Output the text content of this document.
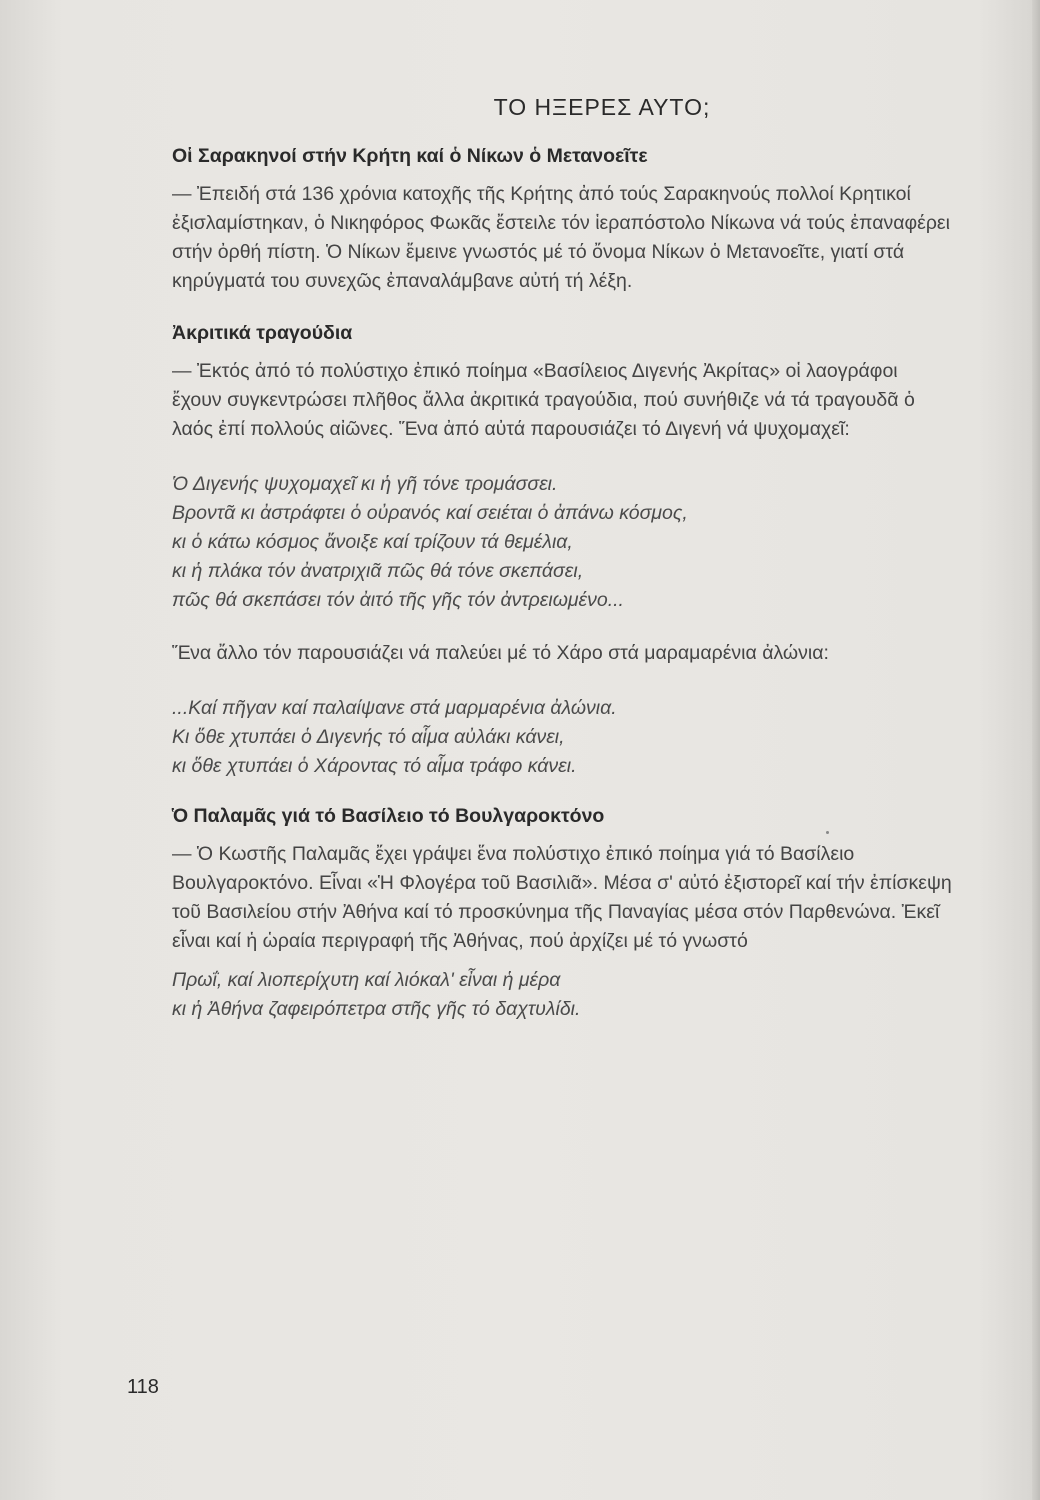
ΤΟ ΗΞΕΡΕΣ ΑΥΤΟ;
Οἱ Σαρακηνοί στήν Κρήτη καί ὁ Νίκων ὁ Μετανοεῖτε

— Ἐπειδή στά 136 χρόνια κατοχῆς τῆς Κρήτης ἀπό τούς Σαρακηνούς πολλοί Κρητικοί ἐξισλαμίστηκαν, ὁ Νικηφόρος Φωκᾶς ἔστειλε τόν ἱεραπόστολο Νίκωνα νά τούς ἐπαναφέρει στήν ὀρθή πίστη. Ὁ Νίκων ἔμεινε γνωστός μέ τό ὄνομα Νίκων ὁ Μετανοεῖτε, γιατί στά κηρύγματά του συνεχῶς ἐπαναλάμβανε αὐτή τή λέξη.

Ἀκριτικά τραγούδια

— Ἐκτός ἀπό τό πολύστιχο ἐπικό ποίημα «Βασίλειος Διγενής Ἀκρίτας» οἱ λαογράφοι ἔχουν συγκεντρώσει πλῆθος ἄλλα ἀκριτικά τραγούδια, πού συνήθιζε νά τά τραγουδᾶ ὁ λαός ἐπί πολλούς αἰῶνες. Ἕνα ἀπό αὐτά παρουσιάζει τό Διγενή νά ψυχομαχεῖ:

Ὁ Διγενής ψυχομαχεῖ κι ἡ γῆ τόνε τρομάσσει.
Βροντᾶ κι ἀστράφτει ὁ οὐρανός καί σειέται ὁ ἀπάνω κόσμος,
κι ὁ κάτω κόσμος ἄνοιξε καί τρίζουν τά θεμέλια,
κι ἡ πλάκα τόν ἀνατριχιᾶ πῶς θά τόνε σκεπάσει,
πῶς θά σκεπάσει τόν ἀιτό τῆς γῆς τόν ἀντρειωμένο...

Ἕνα ἄλλο τόν παρουσιάζει νά παλεύει μέ τό Χάρο στά μαραμαρένια ἀλώνια:

...Καί πῆγαν καί παλαίψανε στά μαρμαρένια ἀλώνια.
Κι ὅθε χτυπάει ὁ Διγενής τό αἷμα αὐλάκι κάνει,
κι ὅθε χτυπάει ὁ Χάροντας τό αἷμα τράφο κάνει.
Ὁ Παλαμᾶς γιά τό Βασίλειο τό Βουλγαροκτόνο

— Ὁ Κωστῆς Παλαμᾶς ἔχει γράψει ἕνα πολύστιχο ἐπικό ποίημα γιά τό Βασίλειο Βουλγαροκτόνο. Εἶναι «Ἡ Φλογέρα τοῦ Βασιλιᾶ». Μέσα σ' αὐτό ἐξιστορεῖ καί τήν ἐπίσκεψη τοῦ Βασιλείου στήν Ἀθήνα καί τό προσκύνημα τῆς Παναγίας μέσα στόν Παρθενώνα. Ἐκεῖ εἶναι καί ἡ ὡραία περιγραφή τῆς Ἀθήνας, πού ἀρχίζει μέ τό γνωστό

Πρωΐ, καί λιοπερίχυτη καί λιόκαλ' εἶναι ἡ μέρα
κι ἡ Ἀθήνα ζαφειρόπετρα στῆς γῆς τό δαχτυλίδι.
118
